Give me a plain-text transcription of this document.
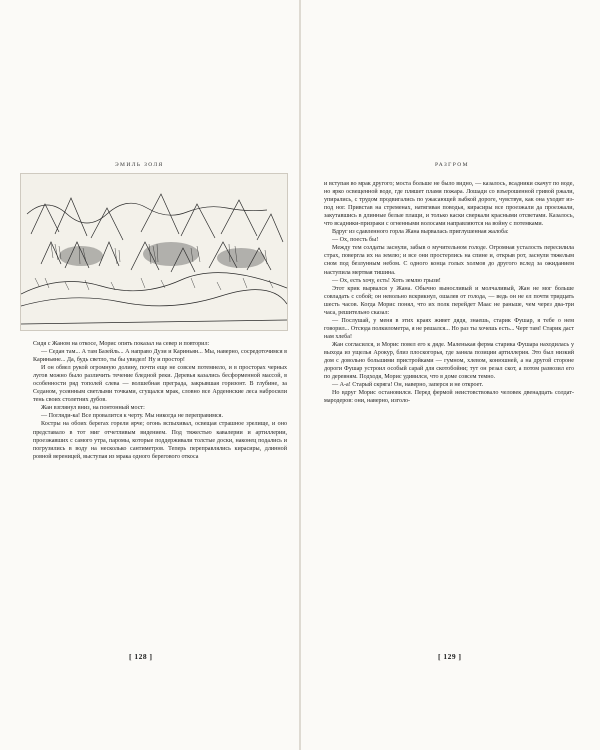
ЭМИЛЬ ЗОЛЯ

Сидя с Жаном на откосе, Морис опять показал на север и повторил:

— Седан там... А там Базейль... А направо Дуэи и Кариньян... Мы, наверно, сосредоточимся в Кариньяне... Да, будь светло, ты бы увидел! Ну и простор!

И он обвел рукой огромную долину, почти еще не совсем потемнело, и в просторах черных лугов можно было различить течение бледной реки. Деревья казались бесформенной массой, в особенности ряд тополей слева — волшебная преграда, закрывшая горизонт. В глубине, за Седаном, усеянным светлыми точками, сгущался мрак, словно все Арденнские леса набросили тень своих столетних дубов.

Жан взглянул вниз, на понтонный мост:

— Погляди-ка! Все провалится к черту. Мы никогда не переправимся.

Костры на обоих берегах горели ярче; огонь вспыхивал, освещая страшное зрелище, и оно представало в тот миг отчетливым видением. Под тяжестью кавалерии и артиллерии, проезжавших с самого утра, паромы, которые поддерживали толстые доски, наконец подались и погрузились в воду на несколько сантиметров. Теперь переправлялись кирасиры, длинной ровной вереницей, выступая из мрака одного берегового откоса

[ 128 ]
РАЗГРОМ

и вступая во мрак другого; моста больше не было видно, — казалось, всадники скачут по воде, но ярко освещенной воде, где пляшет пламя пожара. Лошади со взъерошенной гривой ржали, упирались, с трудом продвигались по ужасающей зыбкой дороге, чувствуя, как она уходит из-под ног. Привстав на стременах, натягивая поводья, кирасиры все проезжали да проезжали, закутавшись в длинные белые плащи, и только каски сверкали красными отсветами. Казалось, что всадники-призраки с огненными волосами направляются на войну с потемками.

Вдруг из сдавленного горла Жана вырвалась приглушенная жалоба:

— Ох, поесть бы!

Между тем солдаты заснули, забыв о мучительном голоде. Огромная усталость пересилила страх, повергла их на землю; и все они простерлись на спине и, открыв рот, заснули тяжелым сном под безлунным небом. С одного конца голых холмов до другого вслед за ожиданием наступила мертвая тишина.

— Ох, есть хочу, есть! Хоть землю грызи!

Этот крик вырвался у Жана. Обычно выносливый и молчаливый, Жан не мог больше совладать с собой; он невольно вскрикнул, ошалев от голода, — ведь он не ел почти тридцать шесть часов. Когда Морис понял, что их полк перейдет Маас не раньше, чем через два-три часа, решительно сказал:

— Послушай, у меня в этих краях живет дядя, знаешь, старик Фушар, я тебе о нем говорил... Отсюда полкилометра, я не решался... Но раз ты хочешь есть... Черт там! Старик даст нам хлеба!

Жан согласился, и Морис повел его к дяде. Маленькая ферма старика Фушара находилась у выхода из ущелья Арокур, близ плоскогорья, где заняла позиции артиллерия. Это был низкий дом с довольно большими пристройками — гумном, хлевом, конюшней, а на другой стороне дороги Фушар устроил особый сарай для скотобойни; тут он резал скот, а потом развозил его по деревням. Подходя, Морис удивился, что в доме совсем темно.

— А-а! Старый скряга! Он, наверно, заперся и не откроет.

Но вдруг Морис остановился. Перед фермой неистовствовало человек двенадцать солдат-мародеров: они, наверно, изголо-

[ 129 ]
